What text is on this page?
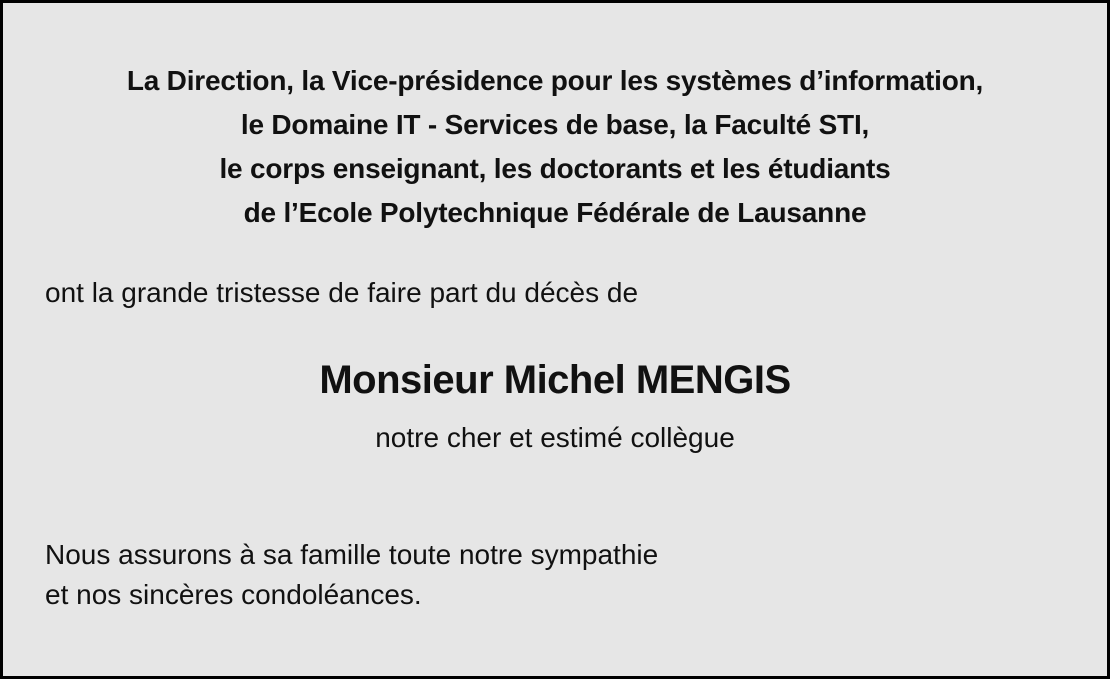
La Direction, la Vice-présidence pour les systèmes d’information,
le Domaine IT - Services de base, la Faculté STI,
le corps enseignant, les doctorants et les étudiants
de l’Ecole Polytechnique Fédérale de Lausanne
ont la grande tristesse de faire part du décès de
Monsieur Michel MENGIS
notre cher et estimé collègue
Nous assurons à sa famille toute notre sympathie
et nos sincères condoléances.
